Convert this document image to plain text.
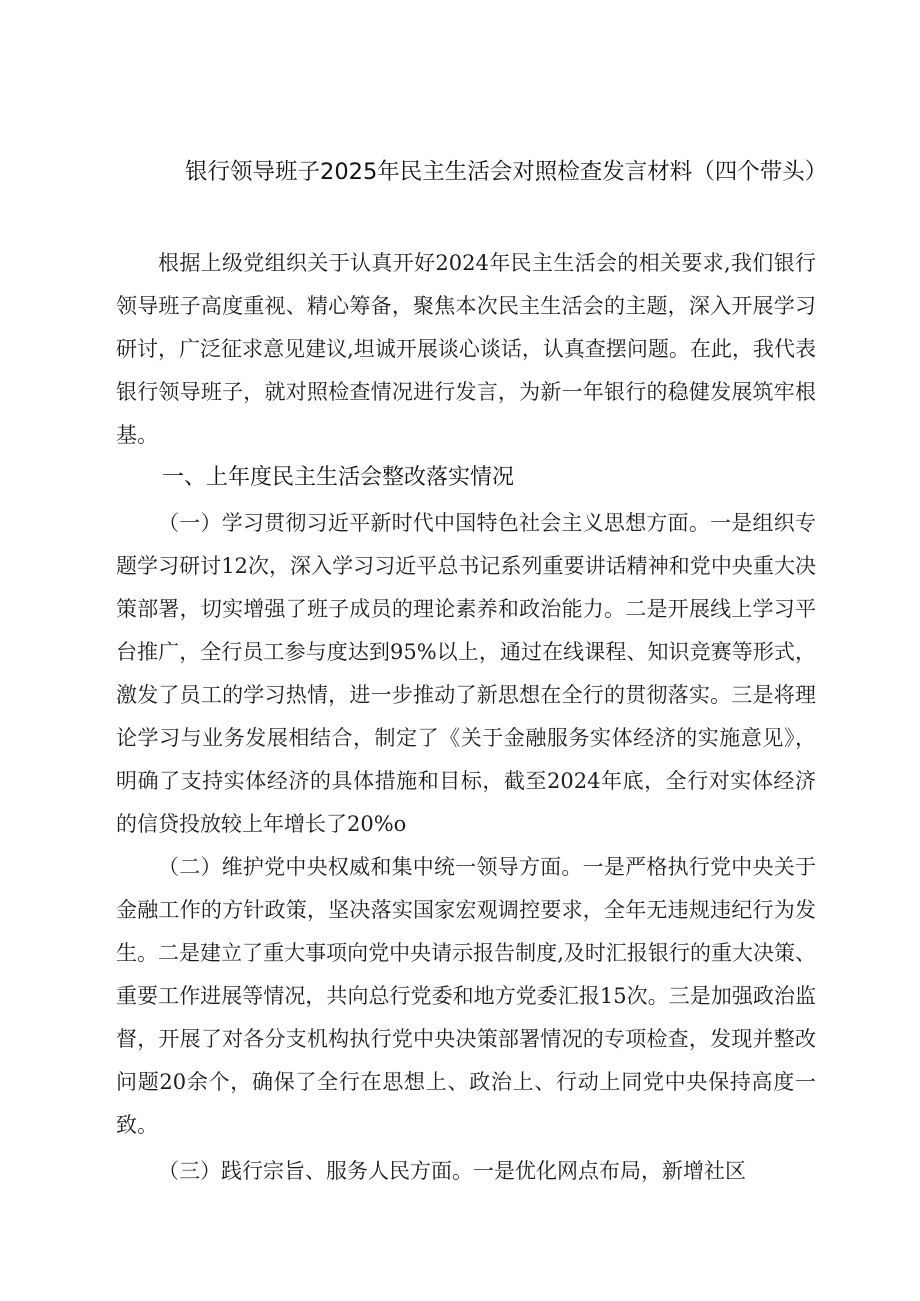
银行领导班子2025年民主生活会对照检查发言材料（四个带头）

根据上级党组织关于认真开好2024年民主生活会的相关要求,我们银行领导班子高度重视、精心筹备，聚焦本次民主生活会的主题，深入开展学习研讨，广泛征求意见建议,坦诚开展谈心谈话，认真查摆问题。在此，我代表银行领导班子，就对照检查情况进行发言，为新一年银行的稳健发展筑牢根基。

一、上年度民主生活会整改落实情况

（一）学习贯彻习近平新时代中国特色社会主义思想方面。一是组织专题学习研讨12次，深入学习习近平总书记系列重要讲话精神和党中央重大决策部署，切实增强了班子成员的理论素养和政治能力。二是开展线上学习平台推广，全行员工参与度达到95%以上，通过在线课程、知识竞赛等形式，激发了员工的学习热情，进一步推动了新思想在全行的贯彻落实。三是将理论学习与业务发展相结合，制定了《关于金融服务实体经济的实施意见》，明确了支持实体经济的具体措施和目标，截至2024年底，全行对实体经济的信贷投放较上年增长了20%o

（二）维护党中央权威和集中统一领导方面。一是严格执行党中央关于金融工作的方针政策，坚决落实国家宏观调控要求，全年无违规违纪行为发生。二是建立了重大事项向党中央请示报告制度,及时汇报银行的重大决策、重要工作进展等情况，共向总行党委和地方党委汇报15次。三是加强政治监督，开展了对各分支机构执行党中央决策部署情况的专项检查，发现并整改问题20余个，确保了全行在思想上、政治上、行动上同党中央保持高度一致。

（三）践行宗旨、服务人民方面。一是优化网点布局，新增社区
